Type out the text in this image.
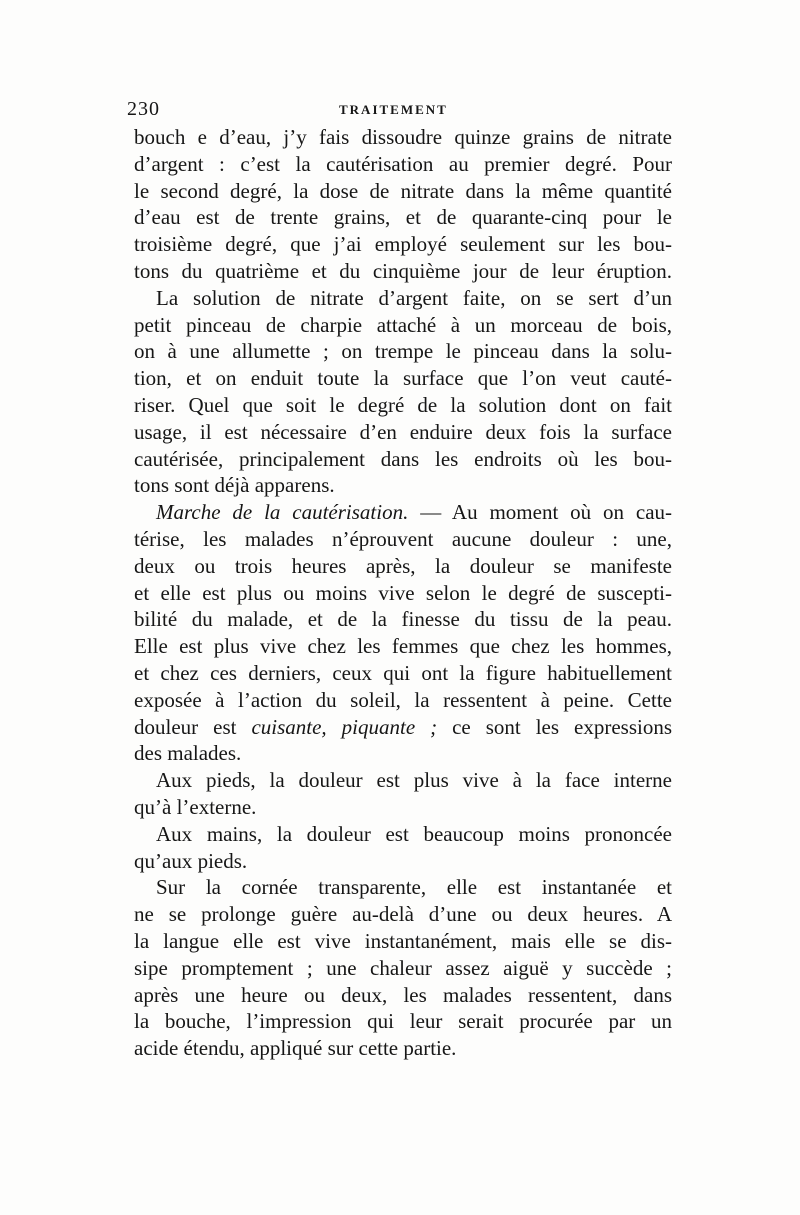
230	TRAITEMENT
bouch e d’eau, j’y fais dissoudre quinze grains de nitrate
d’argent : c’est la cautérisation au premier degré. Pour
le second degré, la dose de nitrate dans la même quantité
d’eau est de trente grains, et de quarante-cinq pour le
troisième degré, que j’ai employé seulement sur les bou-
tons du quatrième et du cinquième jour de leur éruption.
La solution de nitrate d’argent faite, on se sert d’un
petit pinceau de charpie attaché à un morceau de bois,
on à une allumette ; on trempe le pinceau dans la solu-
tion, et on enduit toute la surface que l’on veut cauté-
riser. Quel que soit le degré de la solution dont on fait
usage, il est nécessaire d’en enduire deux fois la surface
cautérisée, principalement dans les endroits où les bou-
tons sont déjà apparens.
Marche de la cautérisation. — Au moment où on cau-
térise, les malades n’éprouvent aucune douleur : une,
deux ou trois heures après, la douleur se manifeste
et elle est plus ou moins vive selon le degré de suscepti-
bilité du malade, et de la finesse du tissu de la peau.
Elle est plus vive chez les femmes que chez les hommes,
et chez ces derniers, ceux qui ont la figure habituellement
exposée à l’action du soleil, la ressentent à peine. Cette
douleur est cuisante, piquante ; ce sont les expressions
des malades.
Aux pieds, la douleur est plus vive à la face interne
qu’à l’externe.
Aux mains, la douleur est beaucoup moins prononcée
qu’aux pieds.
Sur la cornée transparente, elle est instantanée et
ne se prolonge guère au-delà d’une ou deux heures. A
la langue elle est vive instantanément, mais elle se dis-
sipe promptement ; une chaleur assez aiguë y succède ;
après une heure ou deux, les malades ressentent, dans
la bouche, l’impression qui leur serait procurée par un
acide étendu, appliqué sur cette partie.
